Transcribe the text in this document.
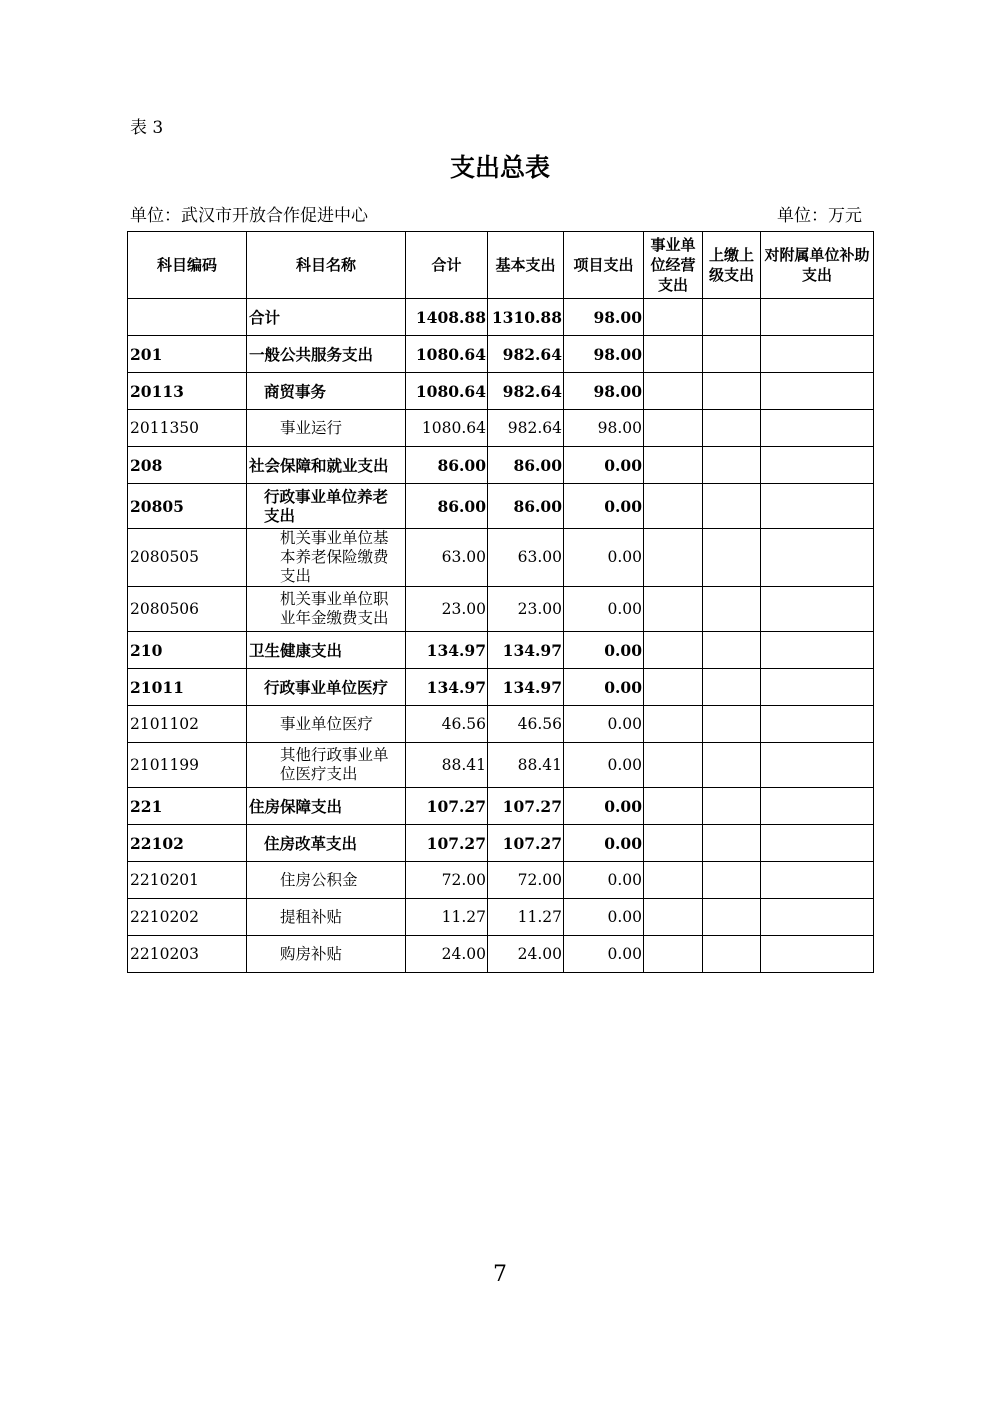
表 3
支出总表
单位：武汉市开放合作促进中心	单位：万元
科目编码	科目名称	合计	基本支出	项目支出	事业单位经营支出	上缴上级支出	对附属单位补助支出
	合计	1408.88	1310.88	98.00			
201	一般公共服务支出	1080.64	982.64	98.00			
20113	商贸事务	1080.64	982.64	98.00			
2011350	事业运行	1080.64	982.64	98.00			
208	社会保障和就业支出	86.00	86.00	0.00			
20805	行政事业单位养老支出	86.00	86.00	0.00			
2080505	机关事业单位基本养老保险缴费支出	63.00	63.00	0.00			
2080506	机关事业单位职业年金缴费支出	23.00	23.00	0.00			
210	卫生健康支出	134.97	134.97	0.00			
21011	行政事业单位医疗	134.97	134.97	0.00			
2101102	事业单位医疗	46.56	46.56	0.00			
2101199	其他行政事业单位医疗支出	88.41	88.41	0.00			
221	住房保障支出	107.27	107.27	0.00			
22102	住房改革支出	107.27	107.27	0.00			
2210201	住房公积金	72.00	72.00	0.00			
2210202	提租补贴	11.27	11.27	0.00			
2210203	购房补贴	24.00	24.00	0.00			
7
